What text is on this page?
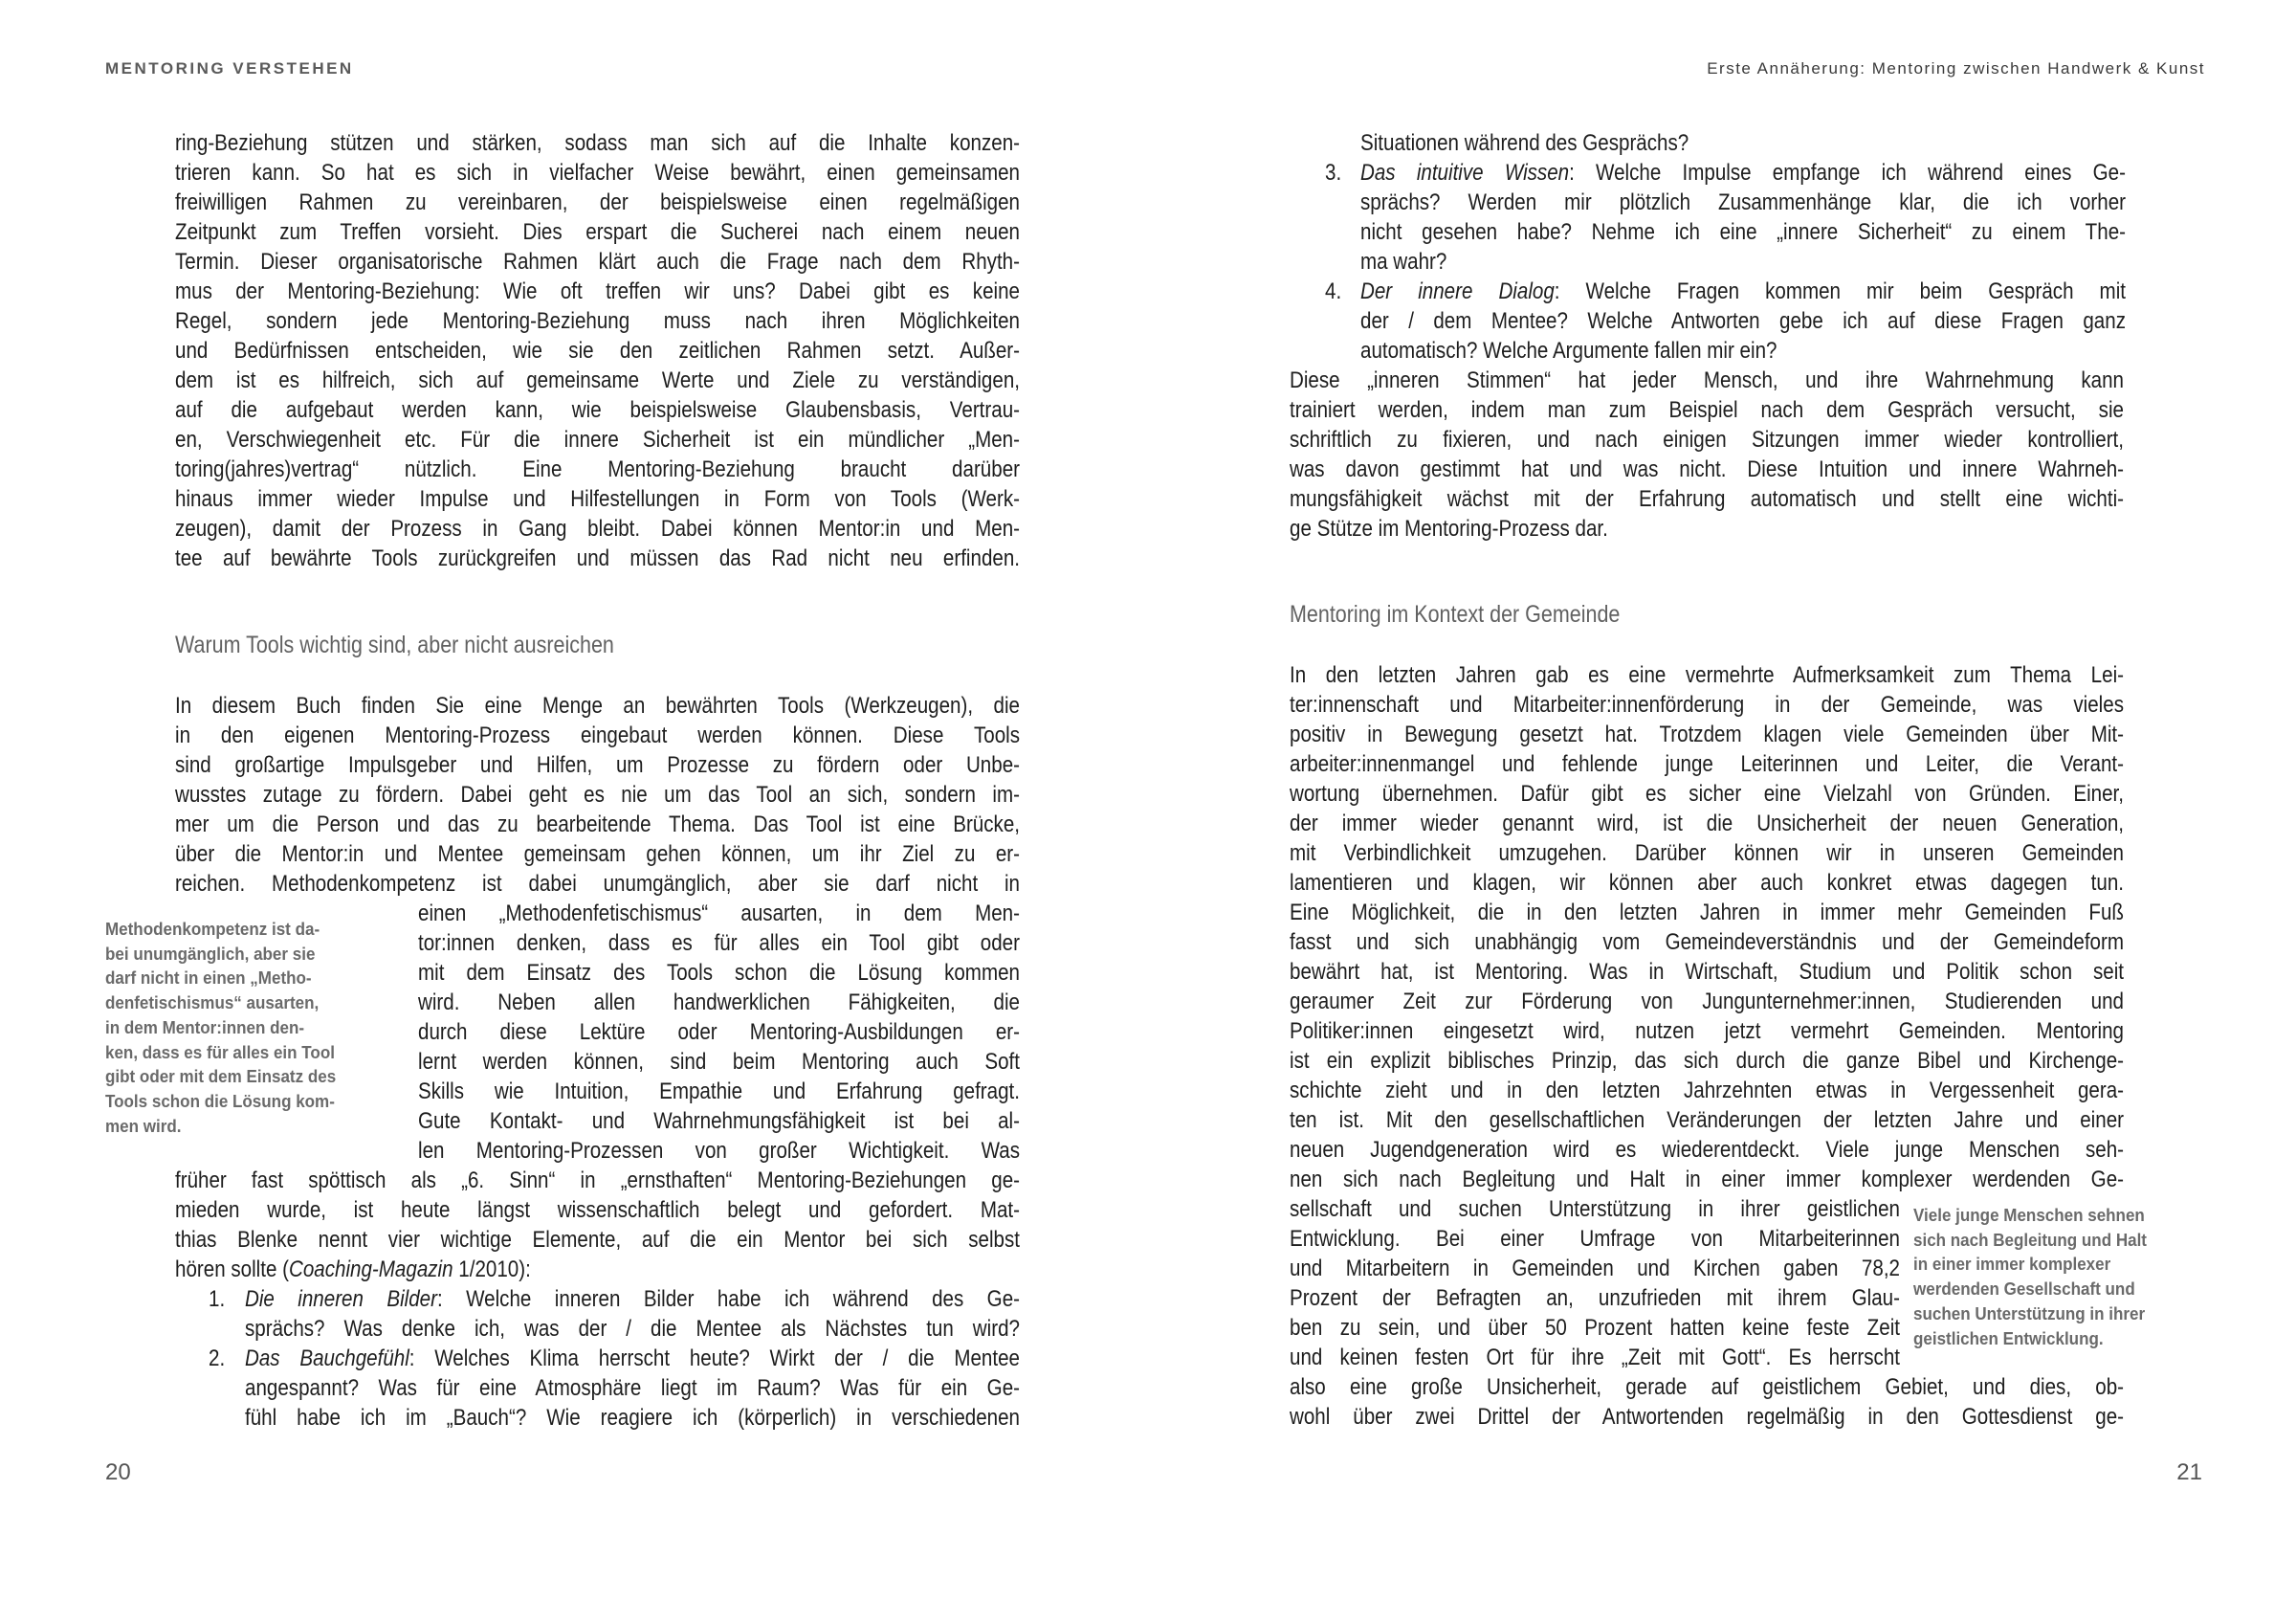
MENTORING VERSTEHEN
ring-Beziehung stützen und stärken, sodass man sich auf die Inhalte konzen-
trieren kann. So hat es sich in vielfacher Weise bewährt, einen gemeinsamen
freiwilligen Rahmen zu vereinbaren, der beispielsweise einen regelmäßigen
Zeitpunkt zum Treffen vorsieht. Dies erspart die Sucherei nach einem neuen
Termin. Dieser organisatorische Rahmen klärt auch die Frage nach dem Rhyth-
mus der Mentoring-Beziehung: Wie oft treffen wir uns? Dabei gibt es keine
Regel, sondern jede Mentoring-Beziehung muss nach ihren Möglichkeiten
und Bedürfnissen entscheiden, wie sie den zeitlichen Rahmen setzt. Außer-
dem ist es hilfreich, sich auf gemeinsame Werte und Ziele zu verständigen,
auf die aufgebaut werden kann, wie beispielsweise Glaubensbasis, Vertrau-
en, Verschwiegenheit etc. Für die innere Sicherheit ist ein mündlicher „Men-
toring(jahres)vertrag“ nützlich. Eine Mentoring-Beziehung braucht darüber
hinaus immer wieder Impulse und Hilfestellungen in Form von Tools (Werk-
zeugen), damit der Prozess in Gang bleibt. Dabei können Mentor:in und Men-
tee auf bewährte Tools zurückgreifen und müssen das Rad nicht neu erfinden.
In diesem Buch finden Sie eine Menge an bewährten Tools (Werkzeugen), die
in den eigenen Mentoring-Prozess eingebaut werden können. Diese Tools
sind großartige Impulsgeber und Hilfen, um Prozesse zu fördern oder Unbe-
wusstes zutage zu fördern. Dabei geht es nie um das Tool an sich, sondern im-
mer um die Person und das zu bearbeitende Thema. Das Tool ist eine Brücke,
über die Mentor:in und Mentee gemeinsam gehen können, um ihr Ziel zu er-
reichen. Methodenkompetenz ist dabei unumgänglich, aber sie darf nicht in
einen „Methodenfetischismus“ ausarten, in dem Men-
tor:innen denken, dass es für alles ein Tool gibt oder
mit dem Einsatz des Tools schon die Lösung kommen
wird. Neben allen handwerklichen Fähigkeiten, die
durch diese Lektüre oder Mentoring-Ausbildungen er-
lernt werden können, sind beim Mentoring auch Soft
Skills wie Intuition, Empathie und Erfahrung gefragt.
Gute Kontakt- und Wahrnehmungsfähigkeit ist bei al-
len Mentoring-Prozessen von großer Wichtigkeit. Was
früher fast spöttisch als „6. Sinn“ in „ernsthaften“ Mentoring-Beziehungen ge-
mieden wurde, ist heute längst wissenschaftlich belegt und gefordert. Mat-
thias Blenke nennt vier wichtige Elemente, auf die ein Mentor bei sich selbst
hören sollte (Coaching-Magazin 1/2010):
1. Die inneren Bilder: Welche inneren Bilder habe ich während des Ge-
sprächs? Was denke ich, was der / die Mentee als Nächstes tun wird?
2. Das Bauchgefühl: Welches Klima herrscht heute? Wirkt der / die Mentee
angespannt? Was für eine Atmosphäre liegt im Raum? Was für ein Ge-
fühl habe ich im „Bauch“? Wie reagiere ich (körperlich) in verschiedenen
Warum Tools wichtig sind, aber nicht ausreichen
Methodenkompetenz ist da-
bei unumgänglich, aber sie
darf nicht in einen „Metho-
denfetischismus“ ausarten,
in dem Mentor:innen den-
ken, dass es für alles ein Tool
gibt oder mit dem Einsatz des
Tools schon die Lösung kom-
men wird.
20
Erste Annäherung: Mentoring zwischen Handwerk & Kunst
Situationen während des Gesprächs?
3. Das intuitive Wissen: Welche Impulse empfange ich während eines Ge-
sprächs? Werden mir plötzlich Zusammenhänge klar, die ich vorher
nicht gesehen habe? Nehme ich eine „innere Sicherheit“ zu einem The-
ma wahr?
4. Der innere Dialog: Welche Fragen kommen mir beim Gespräch mit
der / dem Mentee? Welche Antworten gebe ich auf diese Fragen ganz
automatisch? Welche Argumente fallen mir ein?
Diese „inneren Stimmen“ hat jeder Mensch, und ihre Wahrnehmung kann
trainiert werden, indem man zum Beispiel nach dem Gespräch versucht, sie
schriftlich zu fixieren, und nach einigen Sitzungen immer wieder kontrolliert,
was davon gestimmt hat und was nicht. Diese Intuition und innere Wahrneh-
mungsfähigkeit wächst mit der Erfahrung automatisch und stellt eine wichti-
ge Stütze im Mentoring-Prozess dar.
In den letzten Jahren gab es eine vermehrte Aufmerksamkeit zum Thema Lei-
ter:innenschaft und Mitarbeiter:innenförderung in der Gemeinde, was vieles
positiv in Bewegung gesetzt hat. Trotzdem klagen viele Gemeinden über Mit-
arbeiter:innenmangel und fehlende junge Leiterinnen und Leiter, die Verant-
wortung übernehmen. Dafür gibt es sicher eine Vielzahl von Gründen. Einer,
der immer wieder genannt wird, ist die Unsicherheit der neuen Generation,
mit Verbindlichkeit umzugehen. Darüber können wir in unseren Gemeinden
lamentieren und klagen, wir können aber auch konkret etwas dagegen tun.
Eine Möglichkeit, die in den letzten Jahren in immer mehr Gemeinden Fuß
fasst und sich unabhängig vom Gemeindeverständnis und der Gemeindeform
bewährt hat, ist Mentoring. Was in Wirtschaft, Studium und Politik schon seit
geraumer Zeit zur Förderung von Jungunternehmer:innen, Studierenden und
Politiker:innen eingesetzt wird, nutzen jetzt vermehrt Gemeinden. Mentoring
ist ein explizit biblisches Prinzip, das sich durch die ganze Bibel und Kirchenge-
schichte zieht und in den letzten Jahrzehnten etwas in Vergessenheit gera-
ten ist. Mit den gesellschaftlichen Veränderungen der letzten Jahre und einer
neuen Jugendgeneration wird es wiederentdeckt. Viele junge Menschen seh-
nen sich nach Begleitung und Halt in einer immer komplexer werdenden Ge-
sellschaft und suchen Unterstützung in ihrer geistlichen
Entwicklung. Bei einer Umfrage von Mitarbeiterinnen
und Mitarbeitern in Gemeinden und Kirchen gaben 78,2
Prozent der Befragten an, unzufrieden mit ihrem Glau-
ben zu sein, und über 50 Prozent hatten keine feste Zeit
und keinen festen Ort für ihre „Zeit mit Gott“. Es herrscht
also eine große Unsicherheit, gerade auf geistlichem Gebiet, und dies, ob-
wohl über zwei Drittel der Antwortenden regelmäßig in den Gottesdienst ge-
Mentoring im Kontext der Gemeinde
Viele junge Menschen sehnen
sich nach Begleitung und Halt
in einer immer komplexer
werdenden Gesellschaft und
suchen Unterstützung in ihrer
geistlichen Entwicklung.
21
